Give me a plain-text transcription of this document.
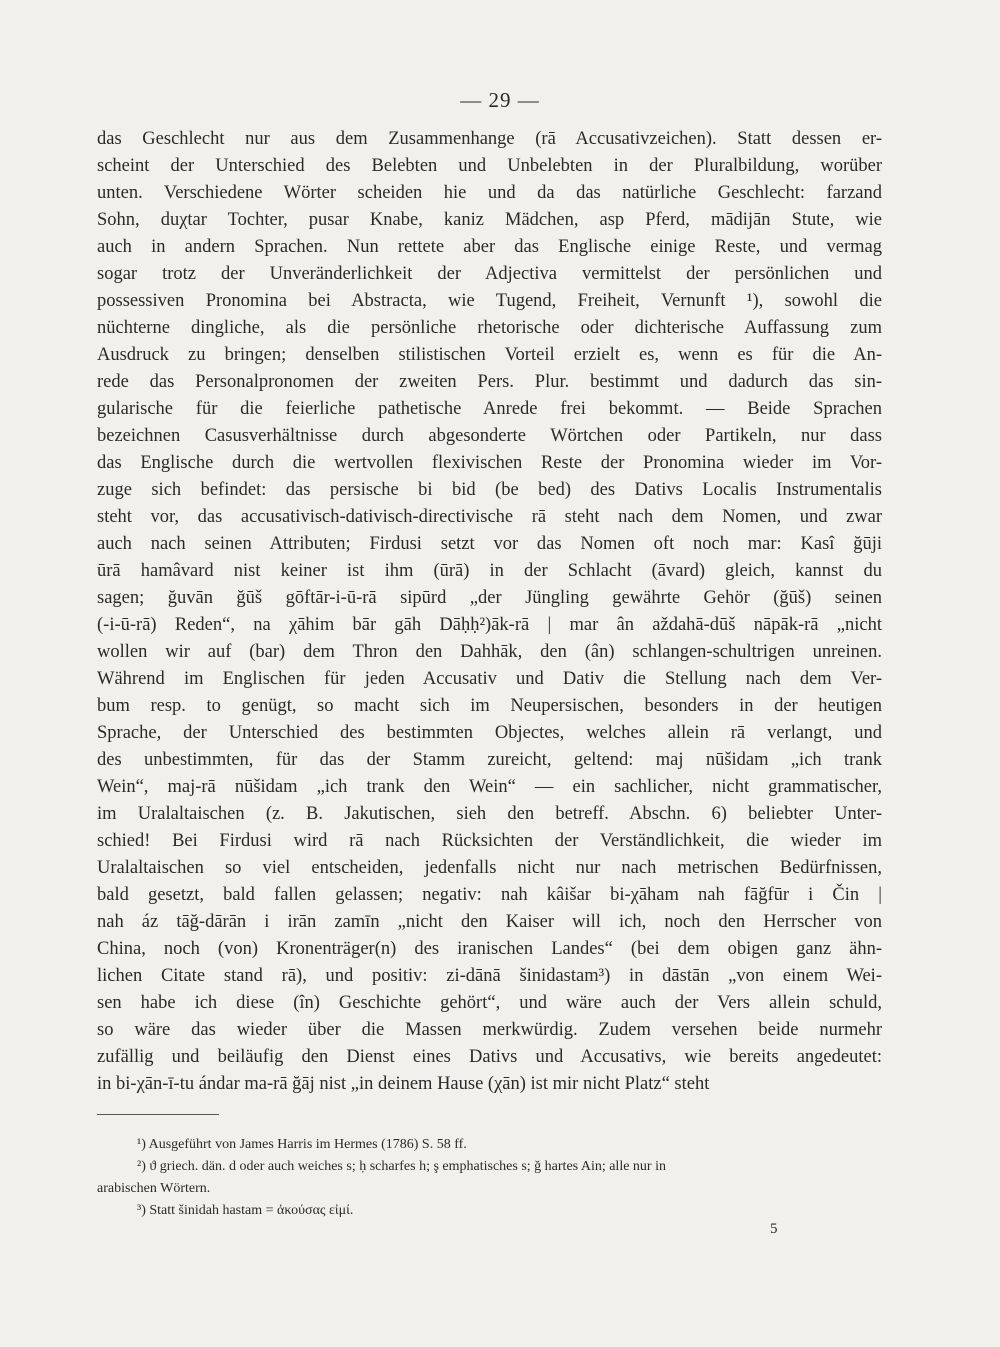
— 29 —
das Geschlecht nur aus dem Zusammenhange (rā Accusativzeichen). Statt dessen er-
scheint der Unterschied des Belebten und Unbelebten in der Pluralbildung, worüber
unten. Verschiedene Wörter scheiden hie und da das natürliche Geschlecht: farzand
Sohn, duχtar Tochter, pusar Knabe, kaniz Mädchen, asp Pferd, mādijān Stute, wie
auch in andern Sprachen. Nun rettete aber das Englische einige Reste, und vermag
sogar trotz der Unveränderlichkeit der Adjectiva vermittelst der persönlichen und
possessiven Pronomina bei Abstracta, wie Tugend, Freiheit, Vernunft ¹), sowohl die
nüchterne dingliche, als die persönliche rhetorische oder dichterische Auffassung zum
Ausdruck zu bringen; denselben stilistischen Vorteil erzielt es, wenn es für die An-
rede das Personalpronomen der zweiten Pers. Plur. bestimmt und dadurch das sin-
gularische für die feierliche pathetische Anrede frei bekommt. — Beide Sprachen
bezeichnen Casusverhältnisse durch abgesonderte Wörtchen oder Partikeln, nur dass
das Englische durch die wertvollen flexivischen Reste der Pronomina wieder im Vor-
zuge sich befindet: das persische bi bid (be bed) des Dativs Localis Instrumentalis
steht vor, das accusativisch-dativisch-directivische rā steht nach dem Nomen, und zwar
auch nach seinen Attributen; Firdusi setzt vor das Nomen oft noch mar: Kasî ğūji
ūrā hamâvard nist keiner ist ihm (ūrā) in der Schlacht (āvard) gleich, kannst du
sagen; ğuvān ğūš gōftār-i-ū-rā sipūrd „der Jüngling gewährte Gehör (ğūš) seinen
(-i-ū-rā) Reden“, na χāhim bār gāh Dāḥḥ²)āk-rā | mar ân aždahā-dūš nāpāk-rā „nicht
wollen wir auf (bar) dem Thron den Dahhāk, den (ân) schlangen-schultrigen unreinen.
Während im Englischen für jeden Accusativ und Dativ die Stellung nach dem Ver-
bum resp. to genügt, so macht sich im Neupersischen, besonders in der heutigen
Sprache, der Unterschied des bestimmten Objectes, welches allein rā verlangt, und
des unbestimmten, für das der Stamm zureicht, geltend: maj nūšidam „ich trank
Wein“, maj-rā nūšidam „ich trank den Wein“ — ein sachlicher, nicht grammatischer,
im Uralaltaischen (z. B. Jakutischen, sieh den betreff. Abschn. 6) beliebter Unter-
schied! Bei Firdusi wird rā nach Rücksichten der Verständlichkeit, die wieder im
Uralaltaischen so viel entscheiden, jedenfalls nicht nur nach metrischen Bedürfnissen,
bald gesetzt, bald fallen gelassen; negativ: nah kâišar bi-χāham nah fāğfūr i Čin |
nah áz tāğ-dārān i irān zamīn „nicht den Kaiser will ich, noch den Herrscher von
China, noch (von) Kronenträger(n) des iranischen Landes“ (bei dem obigen ganz ähn-
lichen Citate stand rā), und positiv: zi-dānā šinidastam³) in dāstān „von einem Wei-
sen habe ich diese (în) Geschichte gehört“, und wäre auch der Vers allein schuld,
so wäre das wieder über die Massen merkwürdig. Zudem versehen beide nurmehr
zufällig und beiläufig den Dienst eines Dativs und Accusativs, wie bereits angedeutet:
in bi-χān-ī-tu ándar ma-rā ğāj nist „in deinem Hause (χān) ist mir nicht Platz“ steht
¹) Ausgeführt von James Harris im Hermes (1786) S. 58 ff.
²) ϑ griech. dän. d oder auch weiches s; ḥ scharfes h; ş emphatisches s; ğ hartes Ain; alle nur in
arabischen Wörtern.
³) Statt šinidah hastam = ἀκούσας εἰμί.
5
